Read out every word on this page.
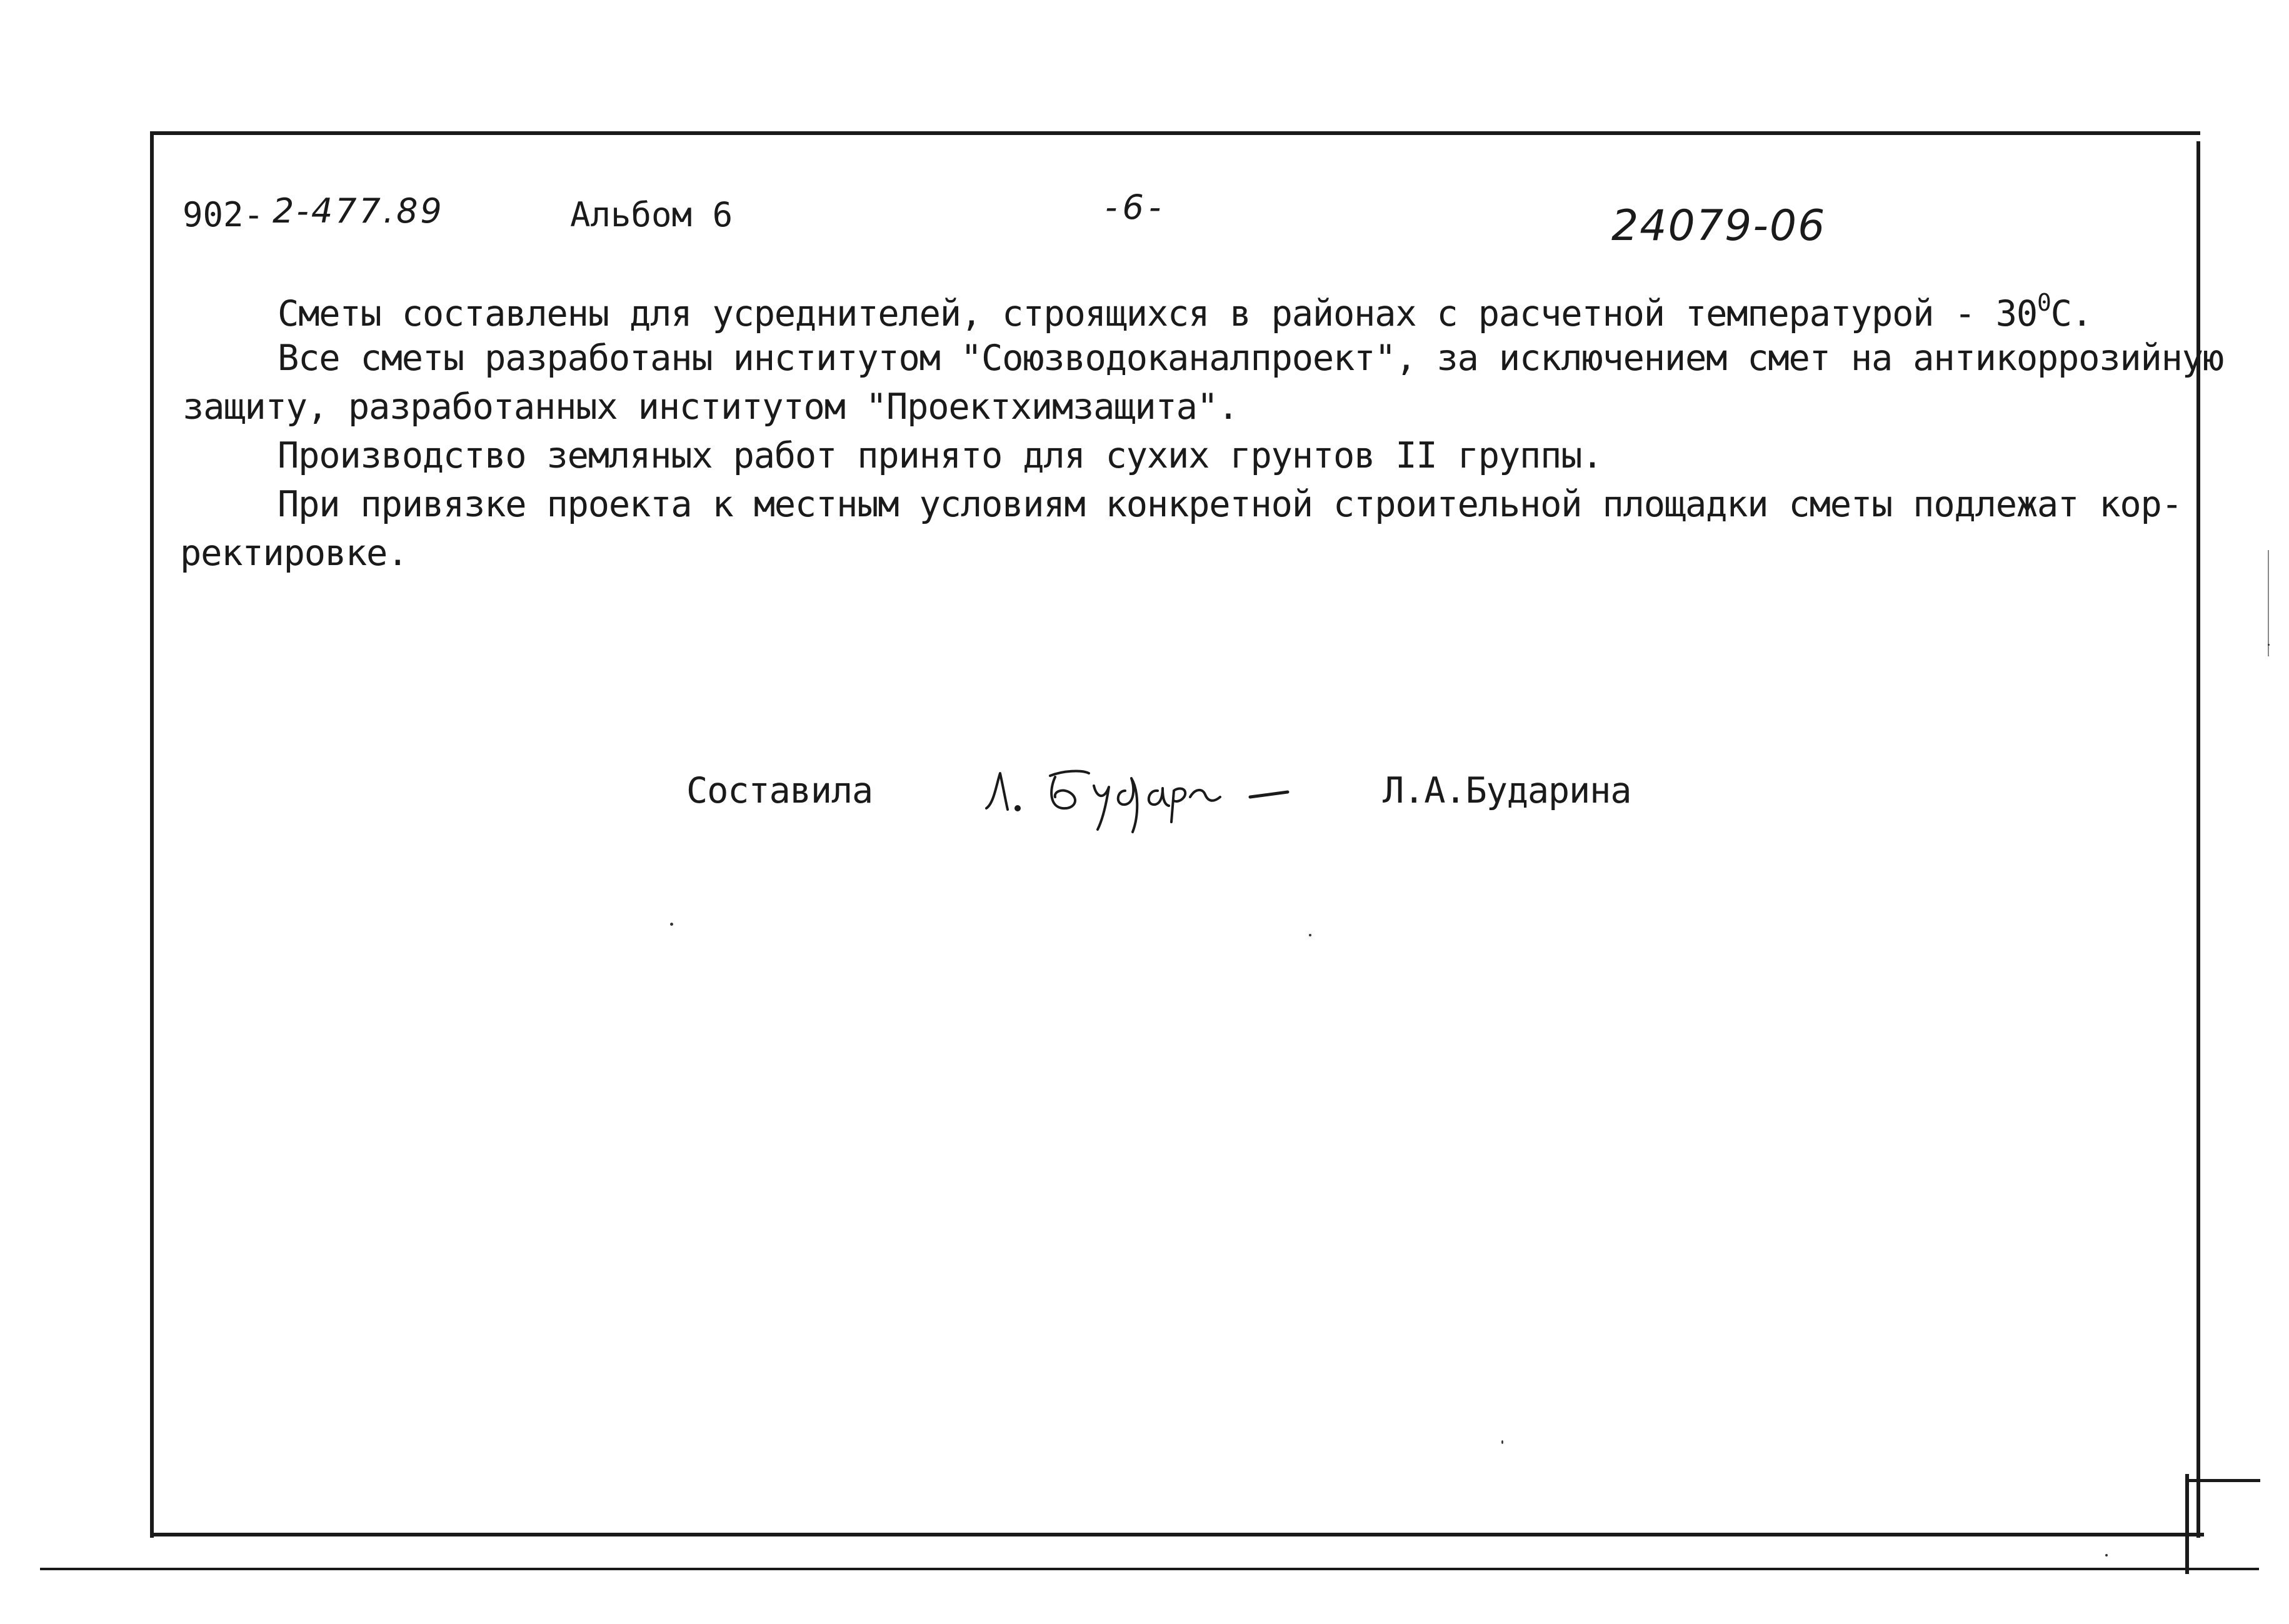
902- 2-477.89	Альбом 6	-6-	24079-06
Сметы составлены для усреднителей, строящихся в районах с расчетной температурой - $30^0С$.
Все сметы разработаны институтом "Союзводоканалпроект", за исключением смет на антикоррозийную
защиту, разработанных институтом "Проектхимзащита".
Производство земляных работ принято для сухих грунтов II группы.
При привязке проекта к местным условиям конкретной строительной площадки сметы подлежат кор-
ректировке.
Составила	Л.А.Бударина
